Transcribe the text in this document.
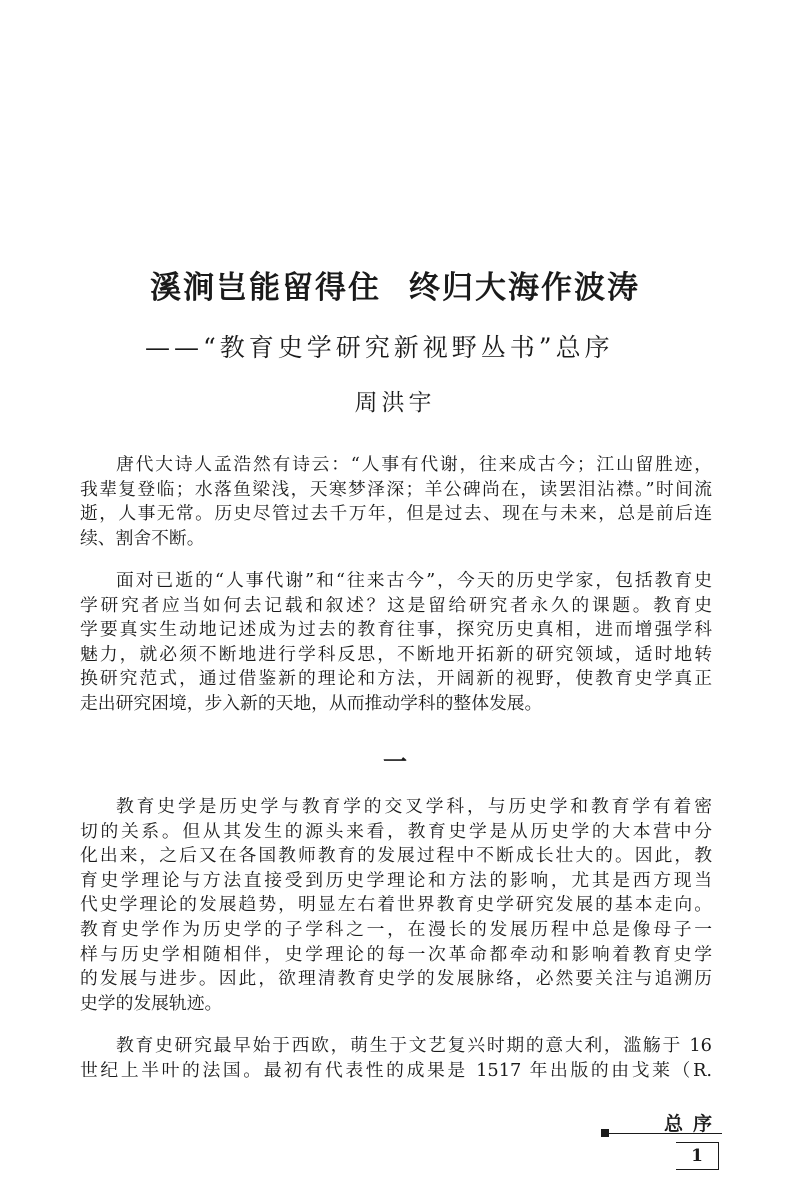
溪涧岂能留得住 终归大海作波涛
——“教育史学研究新视野丛书”总序
周洪宇
唐代大诗人孟浩然有诗云：“人事有代谢，往来成古今；江山留胜迹，
我辈复登临；水落鱼梁浅，天寒梦泽深；羊公碑尚在，读罢泪沾襟。”时间流
逝，人事无常。历史尽管过去千万年，但是过去、现在与未来，总是前后连
续、割舍不断。
面对已逝的“人事代谢”和“往来古今”，今天的历史学家，包括教育史
学研究者应当如何去记载和叙述？这是留给研究者永久的课题。教育史
学要真实生动地记述成为过去的教育往事，探究历史真相，进而增强学科
魅力，就必须不断地进行学科反思，不断地开拓新的研究领域，适时地转
换研究范式，通过借鉴新的理论和方法，开阔新的视野，使教育史学真正
走出研究困境，步入新的天地，从而推动学科的整体发展。
一
教育史学是历史学与教育学的交叉学科，与历史学和教育学有着密
切的关系。但从其发生的源头来看，教育史学是从历史学的大本营中分
化出来，之后又在各国教师教育的发展过程中不断成长壮大的。因此，教
育史学理论与方法直接受到历史学理论和方法的影响，尤其是西方现当
代史学理论的发展趋势，明显左右着世界教育史学研究发展的基本走向。
教育史学作为历史学的子学科之一，在漫长的发展历程中总是像母子一
样与历史学相随相伴，史学理论的每一次革命都牵动和影响着教育史学
的发展与进步。因此，欲理清教育史学的发展脉络，必然要关注与追溯历
史学的发展轨迹。
教育史研究最早始于西欧，萌生于文艺复兴时期的意大利，滥觞于 16
世纪上半叶的法国。最初有代表性的成果是 1517 年出版的由戈莱（R.
总序
1
